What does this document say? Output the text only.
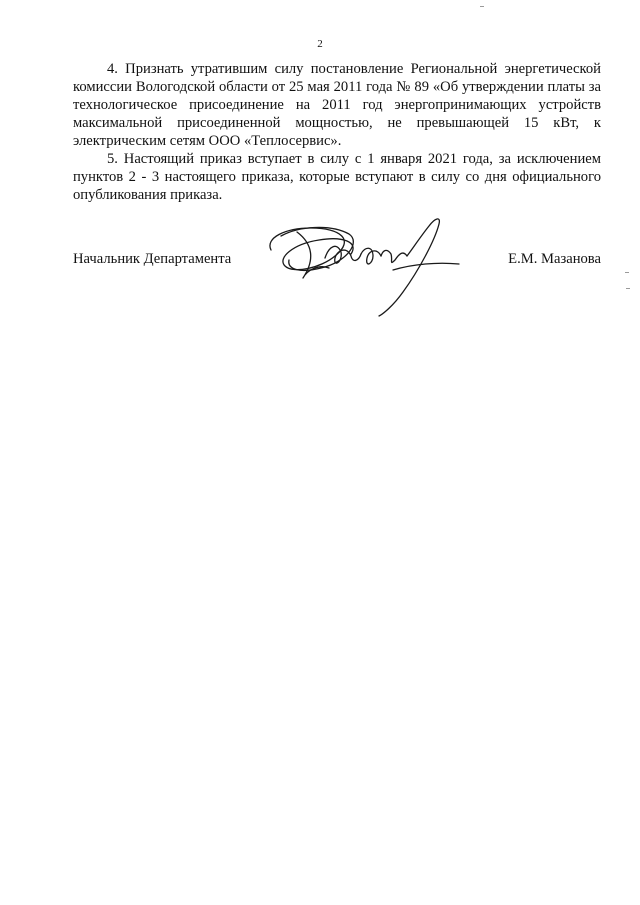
2

4. Признать утратившим силу постановление Региональной энергетической комиссии Вологодской области от 25 мая 2011 года № 89 «Об утверждении платы за технологическое присоединение на 2011 год энергопринимающих устройств максимальной присоединенной мощностью, не превышающей 15 кВт, к электрическим сетям ООО «Теплосервис».

5. Настоящий приказ вступает в силу с 1 января 2021 года, за исключением пунктов 2 - 3 настоящего приказа, которые вступают в силу со дня официального опубликования приказа.

Начальник Департамента	Е.М. Мазанова
